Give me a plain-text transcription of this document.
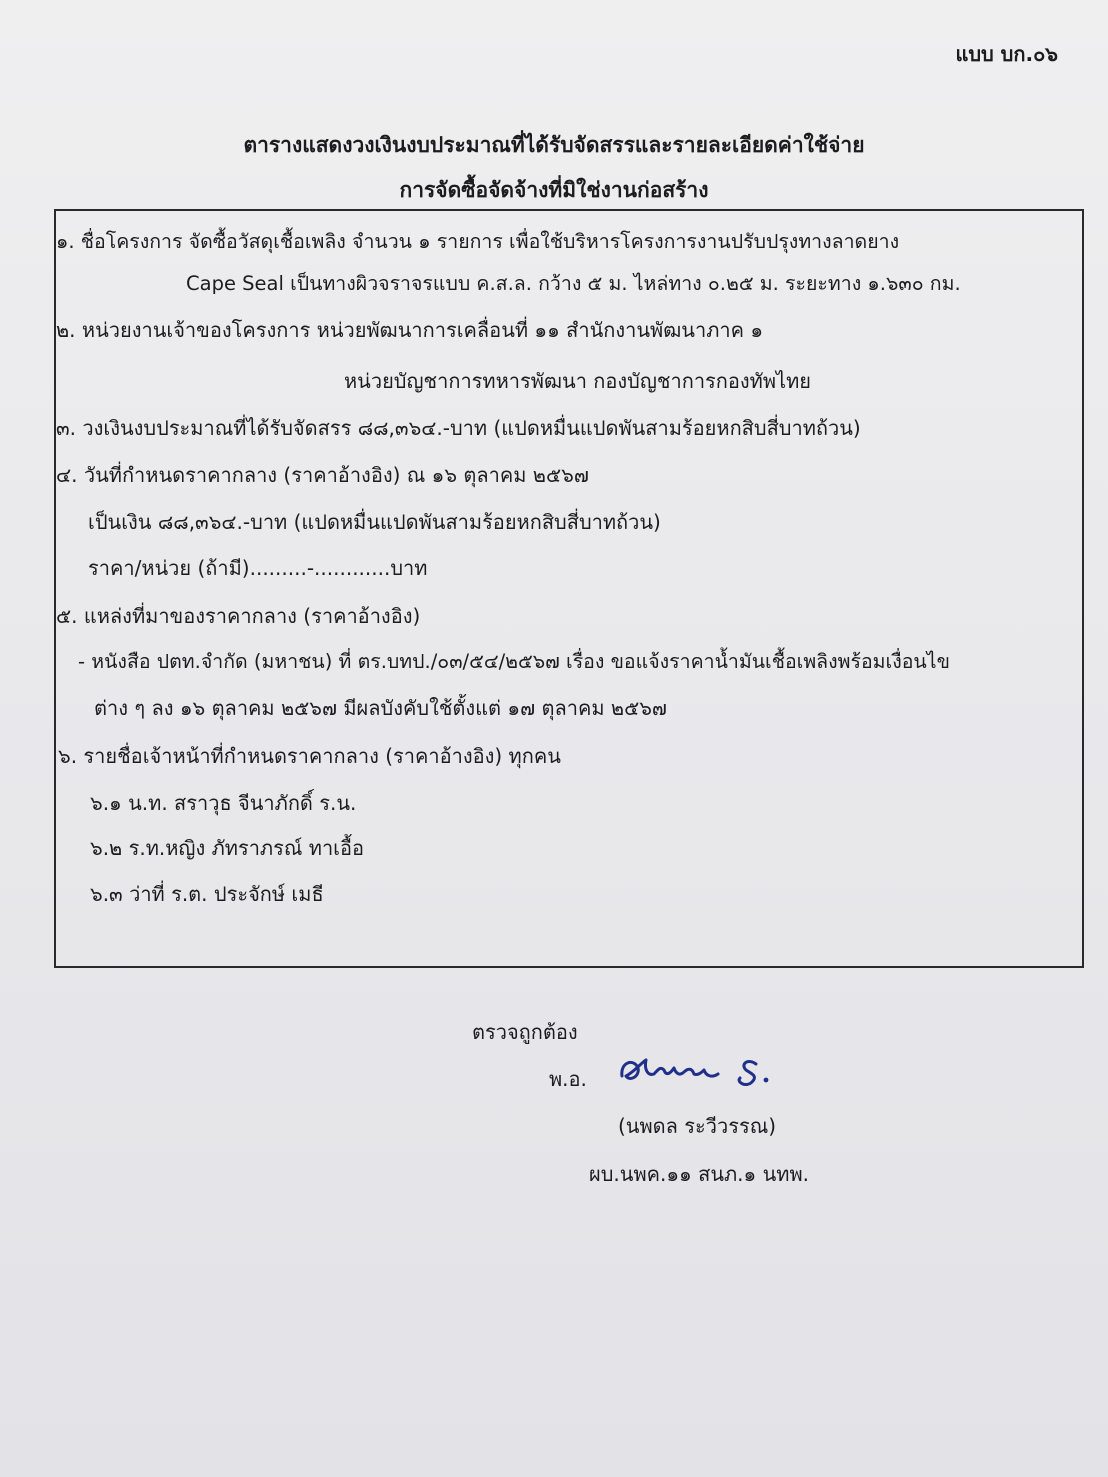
แบบ บก.๐๖
ตารางแสดงวงเงินงบประมาณที่ได้รับจัดสรรและรายละเอียดค่าใช้จ่าย
การจัดซื้อจัดจ้างที่มิใช่งานก่อสร้าง
๑. ชื่อโครงการ จัดซื้อวัสดุเชื้อเพลิง จำนวน ๑ รายการ เพื่อใช้บริหารโครงการงานปรับปรุงทางลาดยาง
Cape Seal เป็นทางผิวจราจรแบบ ค.ส.ล. กว้าง ๕ ม. ไหล่ทาง ๐.๒๕ ม. ระยะทาง ๑.๖๓๐ กม.
๒. หน่วยงานเจ้าของโครงการ หน่วยพัฒนาการเคลื่อนที่ ๑๑ สำนักงานพัฒนาภาค ๑
หน่วยบัญชาการทหารพัฒนา กองบัญชาการกองทัพไทย
๓. วงเงินงบประมาณที่ได้รับจัดสรร ๘๘,๓๖๔.-บาท (แปดหมื่นแปดพันสามร้อยหกสิบสี่บาทถ้วน)
๔. วันที่กำหนดราคากลาง (ราคาอ้างอิง) ณ ๑๖ ตุลาคม ๒๕๖๗
เป็นเงิน ๘๘,๓๖๔.-บาท (แปดหมื่นแปดพันสามร้อยหกสิบสี่บาทถ้วน)
ราคา/หน่วย (ถ้ามี).........-............บาท
๕. แหล่งที่มาของราคากลาง (ราคาอ้างอิง)
- หนังสือ ปตท.จำกัด (มหาชน) ที่ ตร.บทป./๐๓/๕๔/๒๕๖๗ เรื่อง ขอแจ้งราคาน้ำมันเชื้อเพลิงพร้อมเงื่อนไข
ต่าง ๆ ลง ๑๖ ตุลาคม ๒๕๖๗ มีผลบังคับใช้ตั้งแต่ ๑๗ ตุลาคม ๒๕๖๗
๖. รายชื่อเจ้าหน้าที่กำหนดราคากลาง (ราคาอ้างอิง) ทุกคน
๖.๑ น.ท. สราวุธ จีนาภักดิ์ ร.น.
๖.๒ ร.ท.หญิง ภัทราภรณ์ ทาเอื้อ
๖.๓ ว่าที่ ร.ต. ประจักษ์ เมธี
ตรวจถูกต้อง
พ.อ.
(นพดล ระวีวรรณ)
ผบ.นพค.๑๑ สนภ.๑ นทพ.
